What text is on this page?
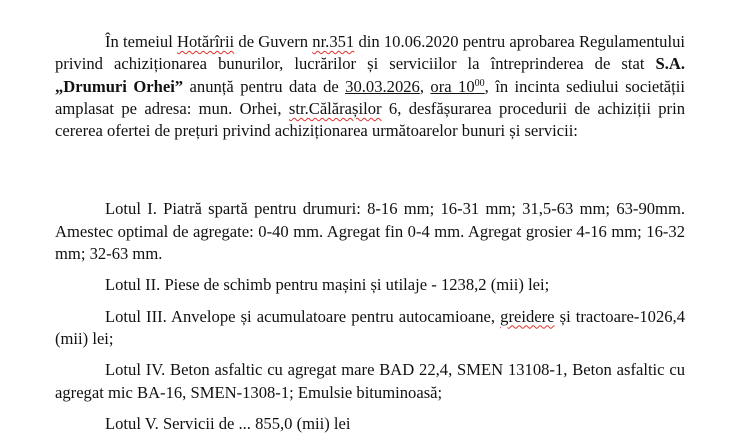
În temeiul Hotărîrii de Guvern nr.351 din 10.06.2020 pentru aprobarea Regulamentului privind achiziționarea bunurilor, lucrărilor și serviciilor la întreprinderea de stat S.A.„Drumuri Orhei” anunță pentru data de 30.03.2026, ora $10^{00}$, în incinta sediului societății amplasat pe adresa: mun. Orhei, str.Călărașilor 6, desfășurarea procedurii de achiziții prin cererea ofertei de prețuri privind achiziționarea următoarelor bunuri și servicii:

Lotul I. Piatră spartă pentru drumuri: 8-16 mm; 16-31 mm; 31,5-63 mm; 63-90mm. Amestec optimal de agregate: 0-40 mm. Agregat fin 0-4 mm. Agregat grosier 4-16 mm; 16-32 mm; 32-63 mm.

Lotul II. Piese de schimb pentru mașini și utilaje - 1238,2 (mii) lei;

Lotul III. Anvelope și acumulatoare pentru autocamioane, greidere și tractoare-1026,4 (mii) lei;

Lotul IV. Beton asfaltic cu agregat mare BAD 22,4, SMEN 13108-1, Beton asfaltic cu agregat mic BA-16, SMEN-1308-1; Emulsie bituminoasă;

Lotul V. Servicii de ... 855,0 (mii) lei
